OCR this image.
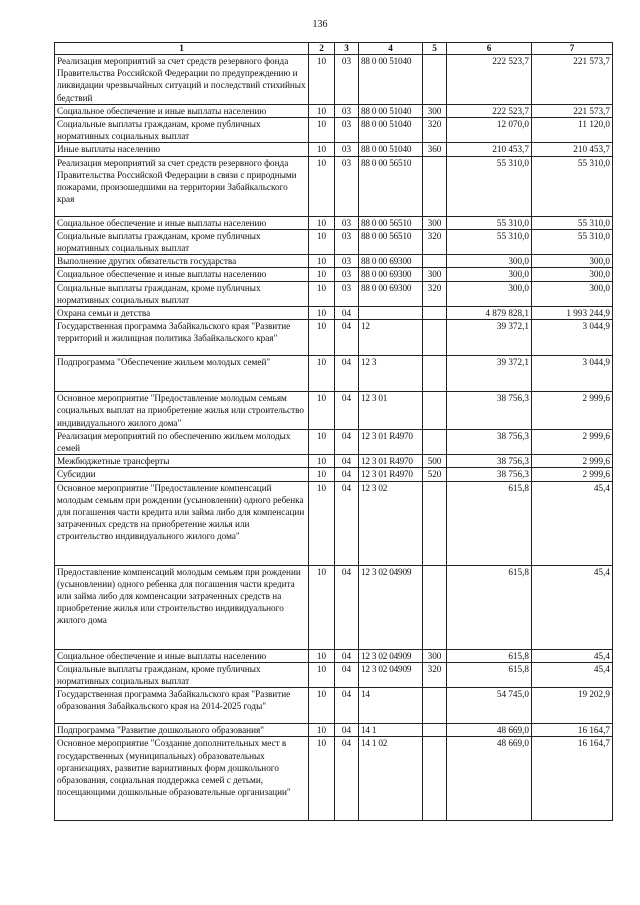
136
1	2	3	4	5	6	7
Реализация мероприятий за счет средств резервного фонда Правительства Российской Федерации по предупреждению и ликвидации чрезвычайных ситуаций и последствий стихийных бедствий	10	03	88 0 00 51040		222 523,7	221 573,7
Социальное обеспечение и иные выплаты населению	10	03	88 0 00 51040	300	222 523,7	221 573,7
Социальные выплаты гражданам, кроме публичных нормативных социальных выплат	10	03	88 0 00 51040	320	12 070,0	11 120,0
Иные выплаты населению	10	03	88 0 00 51040	360	210 453,7	210 453,7
Реализация мероприятий за счет средств резервного фонда Правительства Российской Федерации в связи с природными пожарами, произошедшими на территории Забайкальского края	10	03	88 0 00 56510		55 310,0	55 310,0
Социальное обеспечение и иные выплаты населению	10	03	88 0 00 56510	300	55 310,0	55 310,0
Социальные выплаты гражданам, кроме публичных нормативных социальных выплат	10	03	88 0 00 56510	320	55 310,0	55 310,0
Выполнение других обязательств государства	10	03	88 0 00 69300		300,0	300,0
Социальное обеспечение и иные выплаты населению	10	03	88 0 00 69300	300	300,0	300,0
Социальные выплаты гражданам, кроме публичных нормативных социальных выплат	10	03	88 0 00 69300	320	300,0	300,0
Охрана семьи и детства	10	04			4 879 828,1	1 993 244,9
Государственная программа Забайкальского края "Развитие территорий и жилищная политика Забайкальского края"	10	04	12		39 372,1	3 044,9
Подпрограмма "Обеспечение жильем молодых семей"	10	04	12 3		39 372,1	3 044,9
Основное мероприятие "Предоставление молодым семьям социальных выплат на приобретение жилья или строительство индивидуального жилого дома"	10	04	12 3 01		38 756,3	2 999,6
Реализация мероприятий по обеспечению жильем молодых семей	10	04	12 3 01 R4970		38 756,3	2 999,6
Межбюджетные трансферты	10	04	12 3 01 R4970	500	38 756,3	2 999,6
Субсидии	10	04	12 3 01 R4970	520	38 756,3	2 999,6
Основное мероприятие "Предоставление компенсаций молодым семьям при рождении (усыновлении) одного ребенка для погашения части кредита или займа либо для компенсации затраченных средств на приобретение жилья или строительство индивидуального жилого дома"	10	04	12 3 02		615,8	45,4
Предоставление компенсаций молодым семьям при рождении (усыновлении) одного ребенка для погашения части кредита или займа либо для компенсации затраченных средств на приобретение жилья или строительство индивидуального жилого дома	10	04	12 3 02 04909		615,8	45,4
Социальное обеспечение и иные выплаты населению	10	04	12 3 02 04909	300	615,8	45,4
Социальные выплаты гражданам, кроме публичных нормативных социальных выплат	10	04	12 3 02 04909	320	615,8	45,4
Государственная программа Забайкальского края "Развитие образования Забайкальского края на 2014-2025 годы"	10	04	14		54 745,0	19 202,9
Подпрограмма "Развитие дошкольного образования"	10	04	14 1		48 669,0	16 164,7
Основное мероприятие "Создание дополнительных мест в государственных (муниципальных) образовательных организациях, развитие вариативных форм дошкольного образования, социальная поддержка семей с детьми, посещающими дошкольные образовательные организации"	10	04	14 1 02		48 669,0	16 164,7
